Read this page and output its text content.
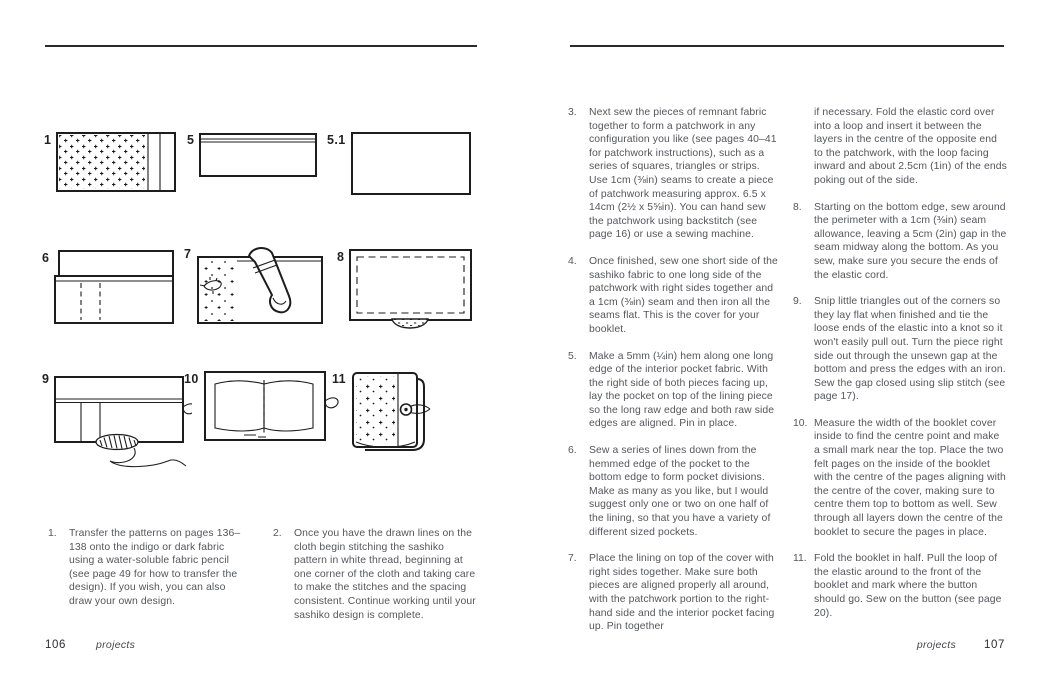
1	5	5.1
6	7	8
9	10	11
1.	Transfer the patterns on pages 136–138 onto the indigo or dark fabric using a water-soluble fabric pencil (see page 49 for how to transfer the design). If you wish, you can also draw your own design.

2.	Once you have the drawn lines on the cloth begin stitching the sashiko pattern in white thread, beginning at one corner of the cloth and taking care to make the stitches and the spacing consistent. Continue working until your sashiko design is complete.

3.	Next sew the pieces of remnant fabric together to form a patchwork in any configuration you like (see pages 40–41 for patchwork instructions), such as a series of squares, triangles or strips. Use 1cm (⅜in) seams to create a piece of patchwork measuring approx. 6.5 x 14cm (2½ x 5⅝in). You can hand sew the patchwork using backstitch (see page 16) or use a sewing machine.

4.	Once finished, sew one short side of the sashiko fabric to one long side of the patchwork with right sides together and a 1cm (⅜in) seam and then iron all the seams flat. This is the cover for your booklet.

5.	Make a 5mm (¼in) hem along one long edge of the interior pocket fabric. With the right side of both pieces facing up, lay the pocket on top of the lining piece so the long raw edge and both raw side edges are aligned. Pin in place.

6.	Sew a series of lines down from the hemmed edge of the pocket to the bottom edge to form pocket divisions. Make as many as you like, but I would suggest only one or two on one half of the lining, so that you have a variety of different sized pockets.

7.	Place the lining on top of the cover with right sides together. Make sure both pieces are aligned properly all around, with the patchwork portion to the right-hand side and the interior pocket facing up. Pin together

if necessary. Fold the elastic cord over into a loop and insert it between the layers in the centre of the opposite end to the patchwork, with the loop facing inward and about 2.5cm (1in) of the ends poking out of the side.

8.	Starting on the bottom edge, sew around the perimeter with a 1cm (⅜in) seam allowance, leaving a 5cm (2in) gap in the seam midway along the bottom. As you sew, make sure you secure the ends of the elastic cord.

9.	Snip little triangles out of the corners so they lay flat when finished and tie the loose ends of the elastic into a knot so it won't easily pull out. Turn the piece right side out through the unsewn gap at the bottom and press the edges with an iron. Sew the gap closed using slip stitch (see page 17).

10. Measure the width of the booklet cover inside to find the centre point and make a small mark near the top. Place the two felt pages on the inside of the booklet with the centre of the pages aligning with the centre of the cover, making sure to centre them top to bottom as well. Sew through all layers down the centre of the booklet to secure the pages in place.

11. Fold the booklet in half. Pull the loop of the elastic around to the front of the booklet and mark where the button should go. Sew on the button (see page 20).

106	projects	projects 107
